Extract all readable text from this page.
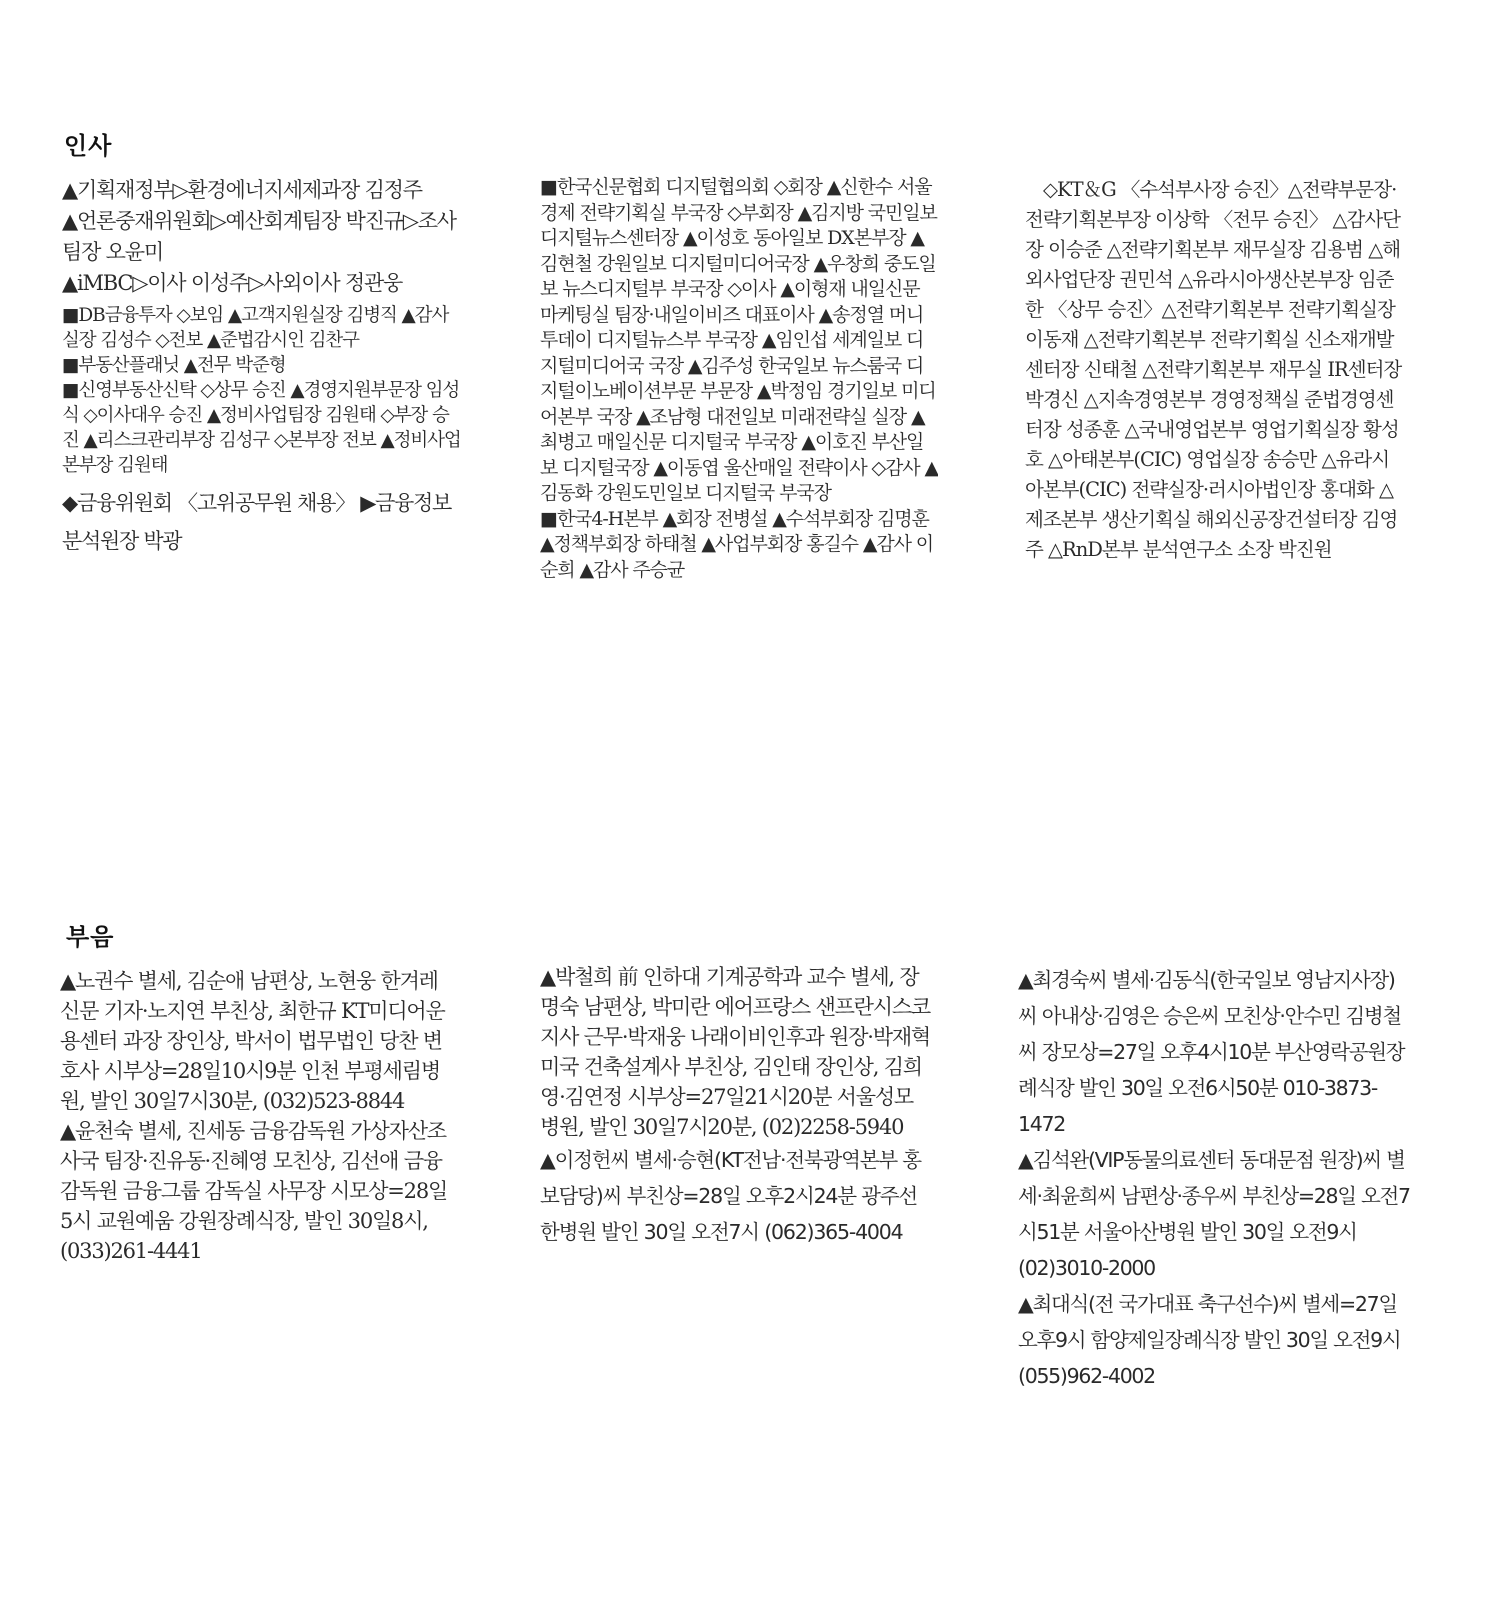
인사

▲기획재정부▷환경에너지세제과장 김정주

▲언론중재위원회▷예산회계팀장 박진규▷조사팀장 오윤미

▲iMBC▷이사 이성주▷사외이사 정관웅

■DB금융투자 ◇보임 ▲고객지원실장 김병직 ▲감사실장 김성수 ◇전보 ▲준법감시인 김찬구

■부동산플래닛 ▲전무 박준형

■신영부동산신탁 ◇상무 승진 ▲경영지원부문장 임성식 ◇이사대우 승진 ▲정비사업팀장 김원태 ◇부장 승진 ▲리스크관리부장 김성구 ◇본부장 전보 ▲정비사업본부장 김원태

◆금융위원회 〈고위공무원 채용〉 ▶금융정보분석원장 박광

■한국신문협회 디지털협의회 ◇회장 ▲신한수 서울경제 전략기획실 부국장 ◇부회장 ▲김지방 국민일보 디지털뉴스센터장 ▲이성호 동아일보 DX본부장 ▲김현철 강원일보 디지털미디어국장 ▲우창희 중도일보 뉴스디지털부 부국장 ◇이사 ▲이형재 내일신문 마케팅실 팀장·내일이비즈 대표이사 ▲송정열 머니투데이 디지털뉴스부 부국장 ▲임인섭 세계일보 디지털미디어국 국장 ▲김주성 한국일보 뉴스룸국 디지털이노베이션부문 부문장 ▲박정임 경기일보 미디어본부 국장 ▲조남형 대전일보 미래전략실 실장 ▲최병고 매일신문 디지털국 부국장 ▲이호진 부산일보 디지털국장 ▲이동엽 울산매일 전략이사 ◇감사 ▲김동화 강원도민일보 디지털국 부국장

■한국4-H본부 ▲회장 전병설 ▲수석부회장 김명훈 ▲정책부회장 하태철 ▲사업부회장 홍길수 ▲감사 이순희 ▲감사 주승균

◇KT＆G 〈수석부사장 승진〉△전략부문장·전략기획본부장 이상학 〈전무 승진〉 △감사단장 이승준 △전략기획본부 재무실장 김용범 △해외사업단장 권민석 △유라시아생산본부장 임준한 〈상무 승진〉△전략기획본부 전략기획실장 이동재 △전략기획본부 전략기획실 신소재개발센터장 신태철 △전략기획본부 재무실 IR센터장 박경신 △지속경영본부 경영정책실 준법경영센터장 성종훈 △국내영업본부 영업기획실장 황성호 △아태본부(CIC) 영업실장 송승만 △유라시아본부(CIC) 전략실장·러시아법인장 홍대화 △제조본부 생산기획실 해외신공장건설터장 김영주 △RnD본부 분석연구소 소장 박진원

부음

▲노권수 별세, 김순애 남편상, 노현웅 한겨레신문 기자·노지연 부친상, 최한규 KT미디어운용센터 과장 장인상, 박서이 법무법인 당찬 변호사 시부상=28일10시9분 인천 부평세림병원, 발인 30일7시30분, (032)523-8844

▲윤천숙 별세, 진세동 금융감독원 가상자산조사국 팀장·진유동·진혜영 모친상, 김선애 금융감독원 금융그룹 감독실 사무장 시모상=28일5시 교원예움 강원장례식장, 발인 30일8시, (033)261-4441

▲박철희 前 인하대 기계공학과 교수 별세, 장명숙 남편상, 박미란 에어프랑스 샌프란시스코 지사 근무·박재웅 나래이비인후과 원장·박재혁 미국 건축설계사 부친상, 김인태 장인상, 김희영·김연정 시부상=27일21시20분 서울성모병원, 발인 30일7시20분, (02)2258-5940

▲이정헌씨 별세·승현(KT전남·전북광역본부 홍보담당)씨 부친상=28일 오후2시24분 광주선한병원 발인 30일 오전7시 (062)365-4004

▲최경숙씨 별세·김동식(한국일보 영남지사장)씨 아내상·김영은 승은씨 모친상·안수민 김병철씨 장모상=27일 오후4시10분 부산영락공원장례식장 발인 30일 오전6시50분 010-3873-1472

▲김석완(VIP동물의료센터 동대문점 원장)씨 별세·최윤희씨 남편상·종우씨 부친상=28일 오전7시51분 서울아산병원 발인 30일 오전9시 (02)3010-2000

▲최대식(전 국가대표 축구선수)씨 별세=27일 오후9시 함양제일장례식장 발인 30일 오전9시 (055)962-4002
